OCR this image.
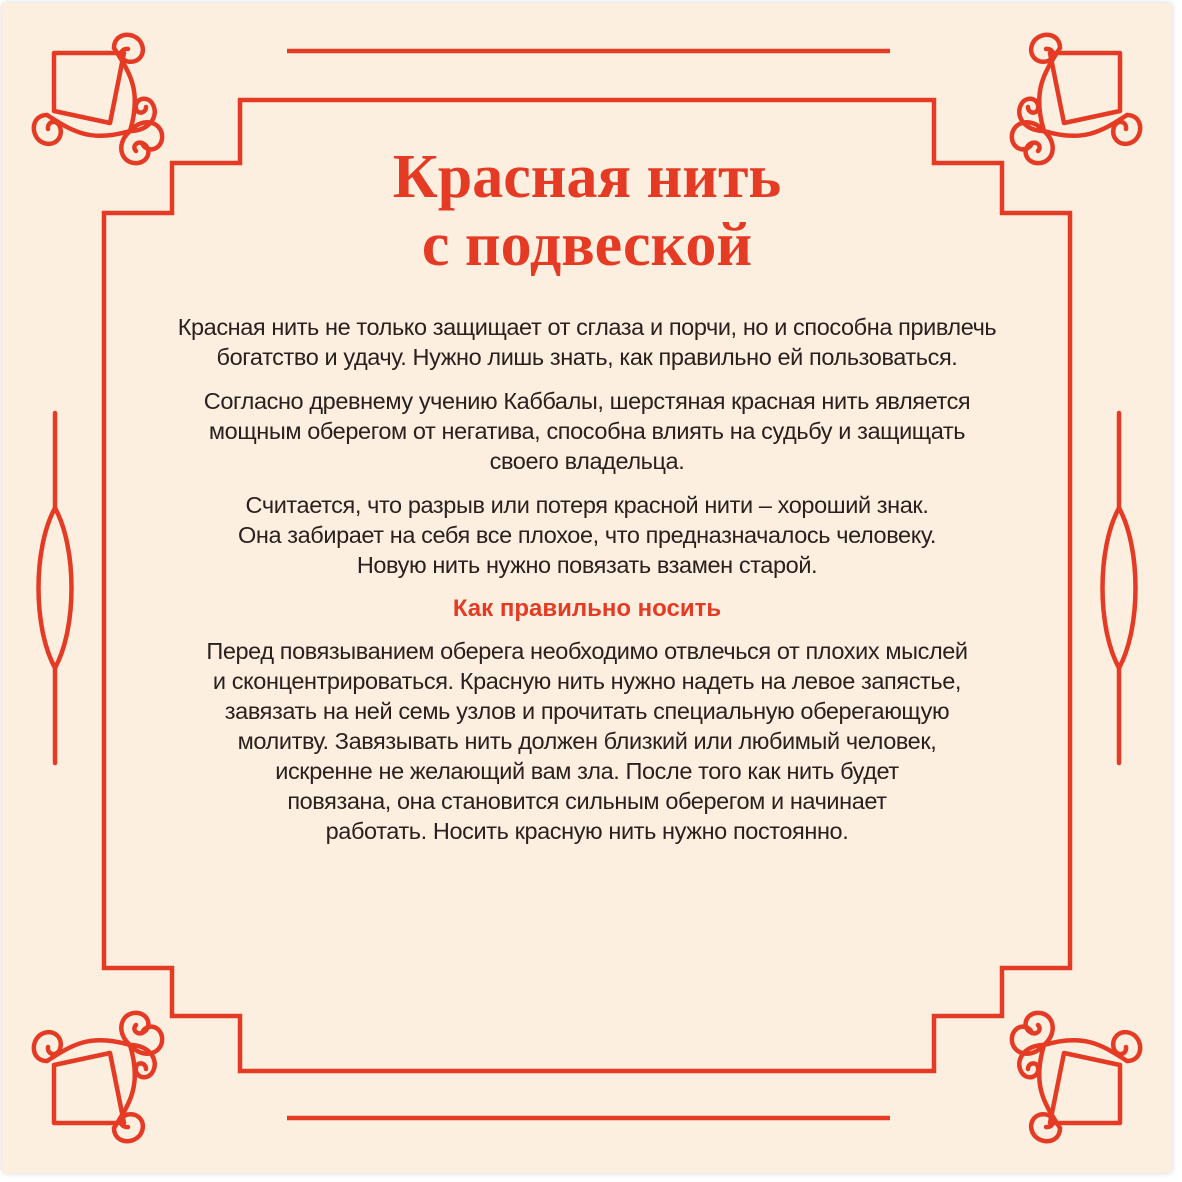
Красная нить
с подвеской

Красная нить не только защищает от сглаза и порчи, но и способна привлечь
богатство и удачу. Нужно лишь знать, как правильно ей пользоваться.

Согласно древнему учению Каббалы, шерстяная красная нить является
мощным оберегом от негатива, способна влиять на судьбу и защищать
своего владельца.

Считается, что разрыв или потеря красной нити – хороший знак.
Она забирает на себя все плохое, что предназначалось человеку.
Новую нить нужно повязать взамен старой.

Как правильно носить

Перед повязыванием оберега необходимо отвлечься от плохих мыслей
и сконцентрироваться. Красную нить нужно надеть на левое запястье,
завязать на ней семь узлов и прочитать специальную оберегающую
молитву. Завязывать нить должен близкий или любимый человек,
искренне не желающий вам зла. После того как нить будет
повязана, она становится сильным оберегом и начинает
работать. Носить красную нить нужно постоянно.
